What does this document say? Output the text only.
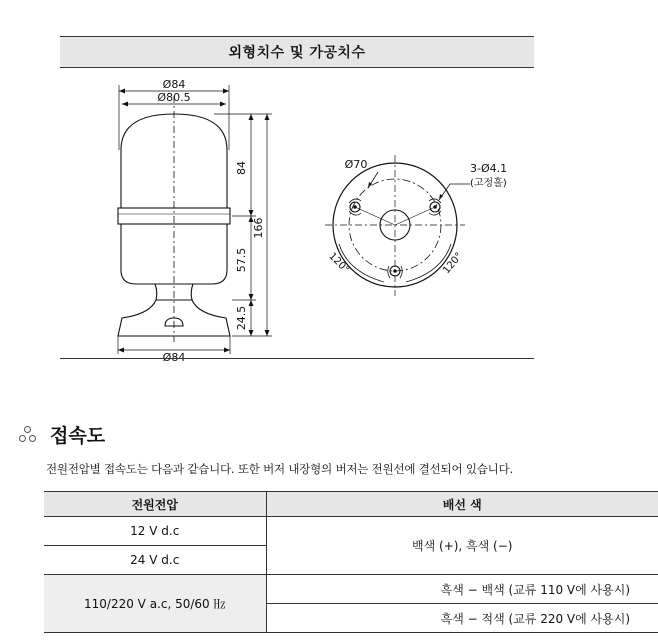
외형치수 및 가공치수
Ø84
Ø80.5
Ø84
84
57.5
24.5
166
Ø70	3-Ø4.1
(고정홀)
120°	120°
접속도
전원전압별 접속도는 다음과 같습니다. 또한 버저 내장형의 버저는 전원선에 결선되어 있습니다.
전원전압	배선 색
12 V d.c	백색 (+), 흑색 (−)
24 V d.c	
110/220 V a.c, 50/60 ㎐	흑색 − 백색 (교류 110 V에 사용시)
	흑색 − 적색 (교류 220 V에 사용시)
